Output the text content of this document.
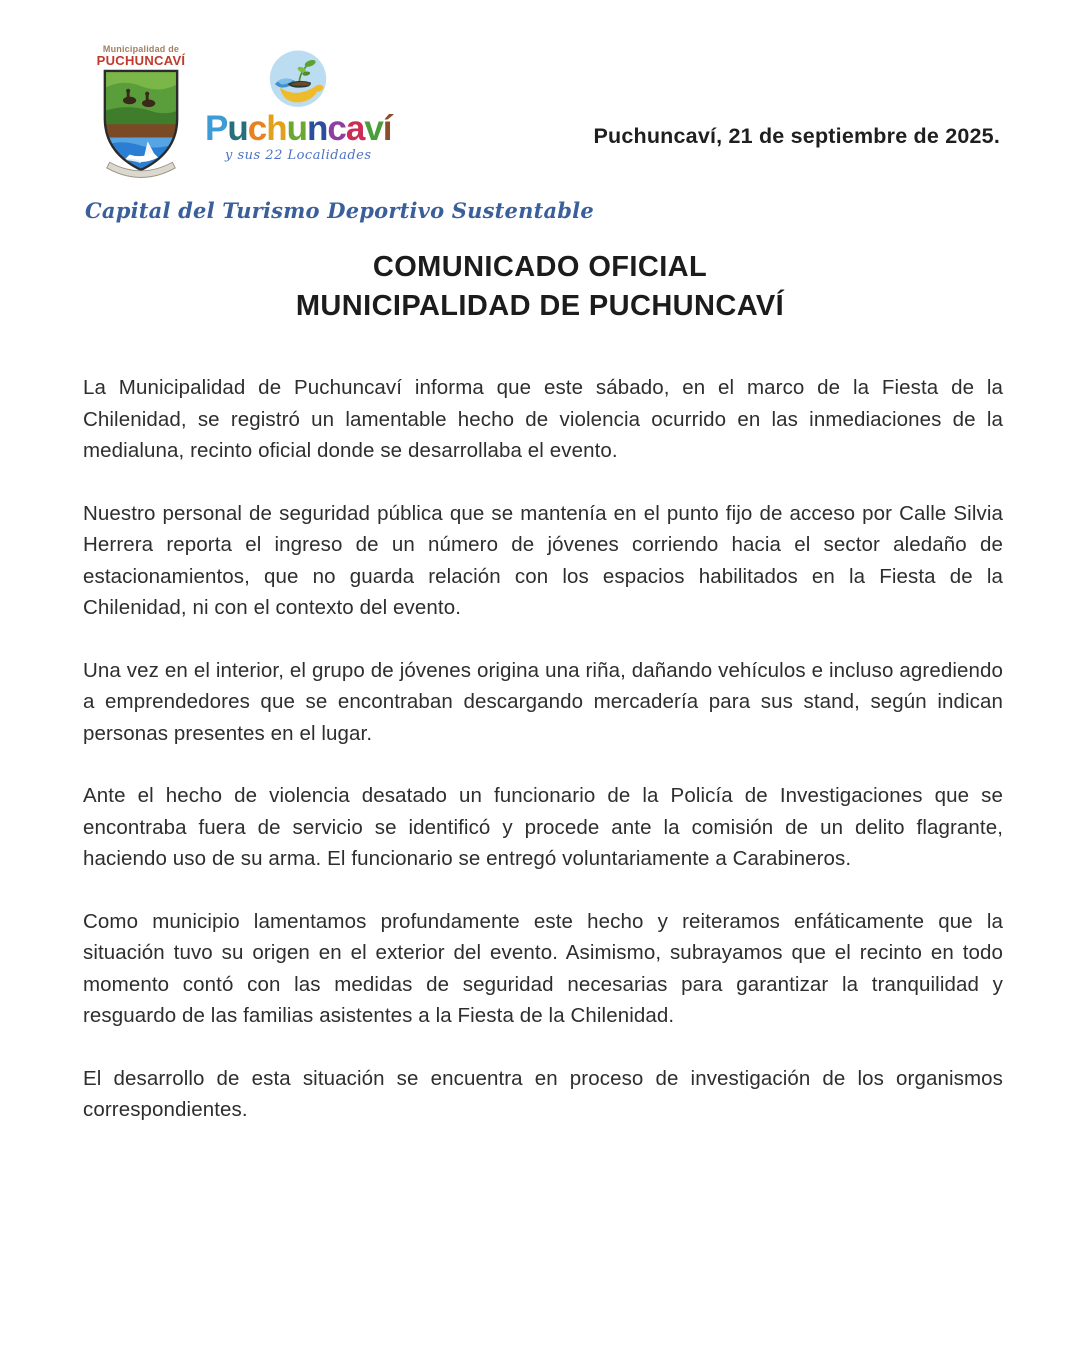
Municipalidad de
PUCHUNCAVÍ
Puchuncaví
y sus 22 Localidades
Capital del Turismo Deportivo Sustentable
Puchuncaví, 21 de septiembre de 2025.
COMUNICADO OFICIAL
MUNICIPALIDAD DE PUCHUNCAVÍ

La Municipalidad de Puchuncaví informa que este sábado, en el marco de la Fiesta de la Chilenidad, se registró un lamentable hecho de violencia ocurrido en las inmediaciones de la medialuna, recinto oficial donde se desarrollaba el evento.

Nuestro personal de seguridad pública que se mantenía en el punto fijo de acceso por Calle Silvia Herrera reporta el ingreso de un número de jóvenes corriendo hacia el sector aledaño de estacionamientos, que no guarda relación con los espacios habilitados en la Fiesta de la Chilenidad, ni con el contexto del evento.

Una vez en el interior, el grupo de jóvenes origina una riña, dañando vehículos e incluso agrediendo a emprendedores que se encontraban descargando mercadería para sus stand, según indican personas presentes en el lugar.

Ante el hecho de violencia desatado un funcionario de la Policía de Investigaciones que se encontraba fuera de servicio se identificó y procede ante la comisión de un delito flagrante, haciendo uso de su arma. El funcionario se entregó voluntariamente a Carabineros.

Como municipio lamentamos profundamente este hecho y reiteramos enfáticamente que la situación tuvo su origen en el exterior del evento. Asimismo, subrayamos que el recinto en todo momento contó con las medidas de seguridad necesarias para garantizar la tranquilidad y resguardo de las familias asistentes a la Fiesta de la Chilenidad.

El desarrollo de esta situación se encuentra en proceso de investigación de los organismos correspondientes.
